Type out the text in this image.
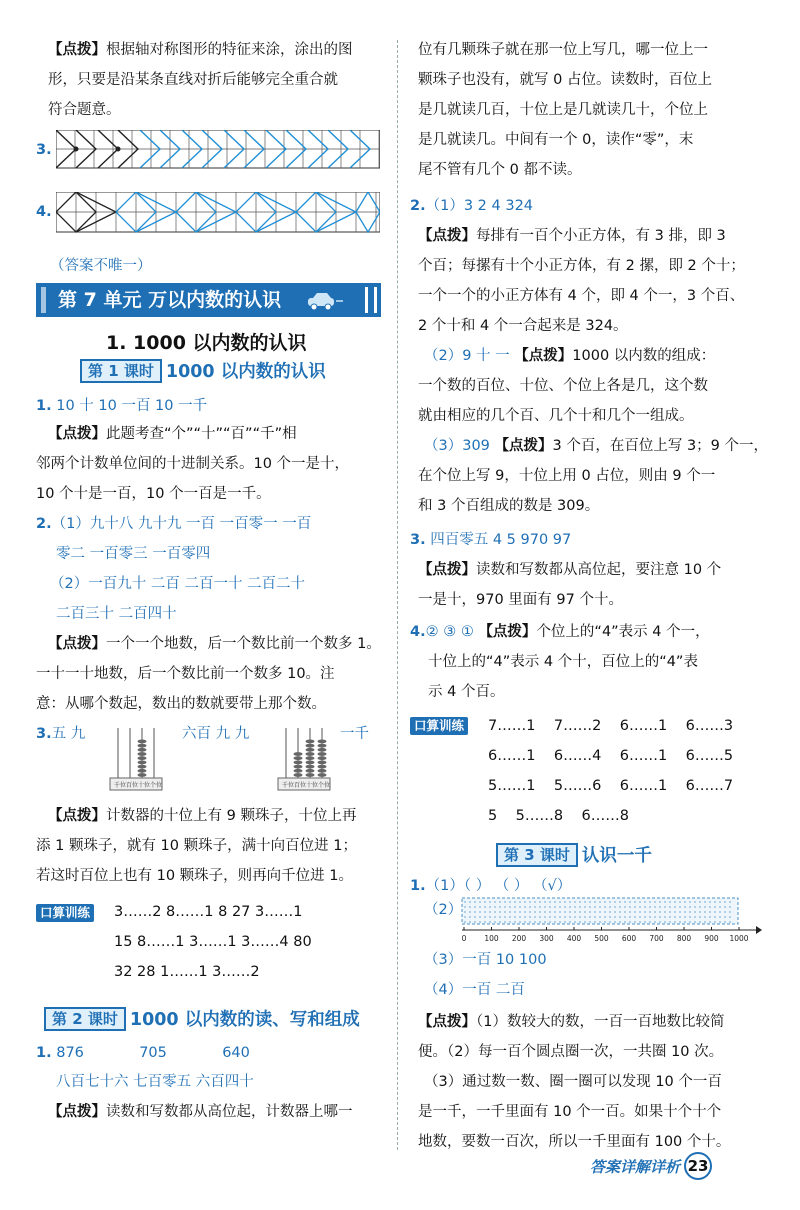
【点拨】根据轴对称图形的特征来涂，涂出的图
形，只要是沿某条直线对折后能够完全重合就
符合题意。
3.
4.
（答案不唯一）
第 7 单元 万以内数的认识
1. 1000 以内数的认识
第 1 课时 1000 以内数的认识
1. 10 十 10 一百 10 一千
【点拨】此题考查“个”“十”“百”“千”相
邻两个计数单位间的十进制关系。10 个一是十，
10 个十是一百，10 个一百是一千。
2.（1）九十八 九十九 一百 一百零一 一百
零二 一百零三 一百零四
（2）一百九十 二百 二百一十 二百二十
二百三十 二百四十
【点拨】一个一个地数，后一个数比前一个数多 1。
一十一十地数，后一个数比前一个数多 10。注
意：从哪个数起，数出的数就要带上那个数。
3.五 九	六百 九 九	一千
千位 百位 十位 个位	千位 百位 十位 个位
【点拨】计数器的十位上有 9 颗珠子，十位上再
添 1 颗珠子，就有 10 颗珠子，满十向百位进 1；
若这时百位上也有 10 颗珠子，则再向千位进 1。
口算训练 3……2 8……1 8 27 3……1
15 8……1 3……1 3……4 80
32 28 1……1 3……2
第 2 课时 1000 以内数的读、写和组成
1. 876            705            640
八百七十六 七百零五 六百四十
【点拨】读数和写数都从高位起，计数器上哪一
位有几颗珠子就在那一位上写几，哪一位上一
颗珠子也没有，就写 0 占位。读数时，百位上
是几就读几百，十位上是几就读几十，个位上
是几就读几。中间有一个 0，读作“零”，末
尾不管有几个 0 都不读。
2.（1）3 2 4 324
【点拨】每排有一百个小正方体，有 3 排，即 3
个百；每摞有十个小正方体，有 2 摞，即 2 个十；
一个一个的小正方体有 4 个，即 4 个一，3 个百、
2 个十和 4 个一合起来是 324。
（2）9 十 一 【点拨】1000 以内数的组成：
一个数的百位、十位、个位上各是几，这个数
就由相应的几个百、几个十和几个一组成。
（3）309 【点拨】3 个百，在百位上写 3；9 个一，
在个位上写 9，十位上用 0 占位，则由 9 个一
和 3 个百组成的数是 309。
3. 四百零五 4 5 970 97
【点拨】读数和写数都从高位起，要注意 10 个
一是十，970 里面有 97 个十。
4.② ③ ① 【点拨】个位上的“4”表示 4 个一，
十位上的“4”表示 4 个十，百位上的“4”表
示 4 个百。
口算训练 7……1    7……2    6……1    6……3
6……1    6……4    6……1    6……5
5……1    5……6    6……1    6……7
5    5……8    6……8
第 3 课时 认识一千
1.（1）（ ） （ ） （√）
（2）
0 100 200 300 400 500 600 700 800 900 1000
（3）一百 10 100
（4）一百 二百
【点拨】（1）数较大的数，一百一百地数比较简
便。（2）每一百个圆点圈一次，一共圈 10 次。
（3）通过数一数、圈一圈可以发现 10 个一百
是一千，一千里面有 10 个一百。如果十个十个
地数，要数一百次，所以一千里面有 100 个十。
答案详解详析 23
